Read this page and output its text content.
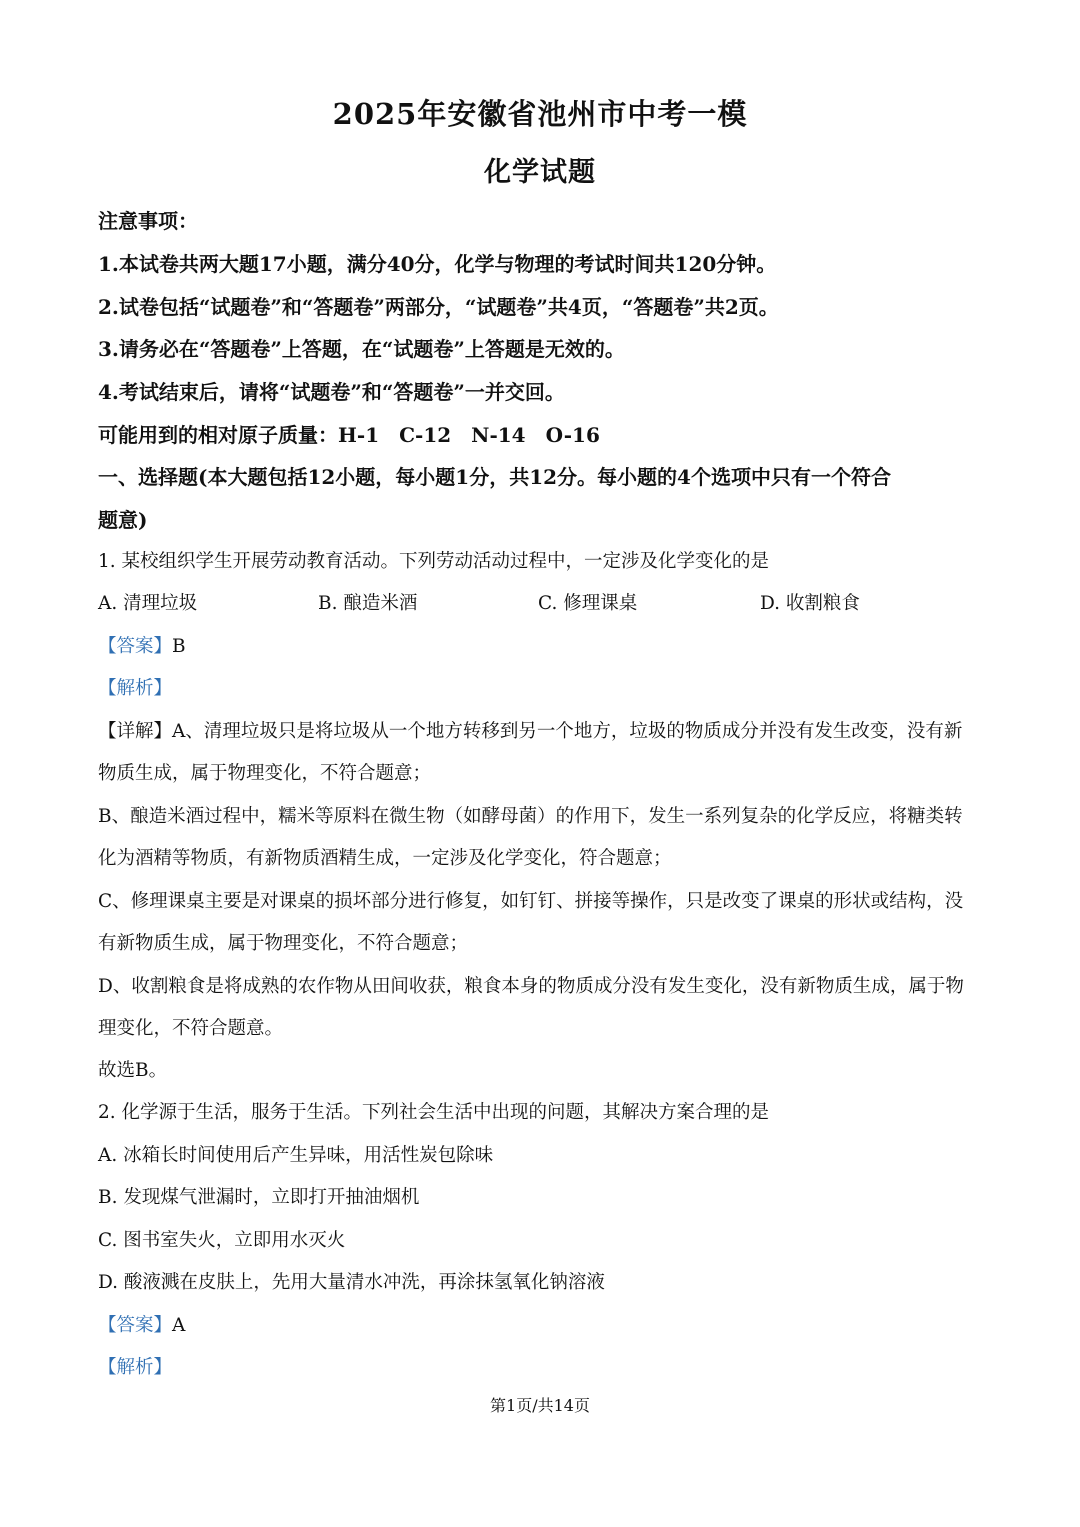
2025年安徽省池州市中考一模
化学试题
注意事项：
1.本试卷共两大题17小题，满分40分，化学与物理的考试时间共120分钟。
2.试卷包括“试题卷”和“答题卷”两部分，“试题卷”共4页，“答题卷”共2页。
3.请务必在“答题卷”上答题，在“试题卷”上答题是无效的。
4.考试结束后，请将“试题卷”和“答题卷”一并交回。
可能用到的相对原子质量：H-1　C-12　N-14　O-16
一、选择题(本大题包括12小题，每小题1分，共12分。每小题的4个选项中只有一个符合
题意)
1. 某校组织学生开展劳动教育活动。下列劳动活动过程中，一定涉及化学变化的是
A. 清理垃圾	B. 酿造米酒	C. 修理课桌	D. 收割粮食
【答案】B
【解析】
【详解】A、清理垃圾只是将垃圾从一个地方转移到另一个地方，垃圾的物质成分并没有发生改变，没有新
物质生成，属于物理变化，不符合题意；
B、酿造米酒过程中，糯米等原料在微生物（如酵母菌）的作用下，发生一系列复杂的化学反应，将糖类转
化为酒精等物质，有新物质酒精生成，一定涉及化学变化，符合题意；
C、修理课桌主要是对课桌的损坏部分进行修复，如钉钉、拼接等操作，只是改变了课桌的形状或结构，没
有新物质生成，属于物理变化，不符合题意；
D、收割粮食是将成熟的农作物从田间收获，粮食本身的物质成分没有发生变化，没有新物质生成，属于物
理变化，不符合题意。
故选B。
2. 化学源于生活，服务于生活。下列社会生活中出现的问题，其解决方案合理的是
A. 冰箱长时间使用后产生异味，用活性炭包除味
B. 发现煤气泄漏时，立即打开抽油烟机
C. 图书室失火，立即用水灭火
D. 酸液溅在皮肤上，先用大量清水冲洗，再涂抹氢氧化钠溶液
【答案】A
【解析】
第1页/共14页
